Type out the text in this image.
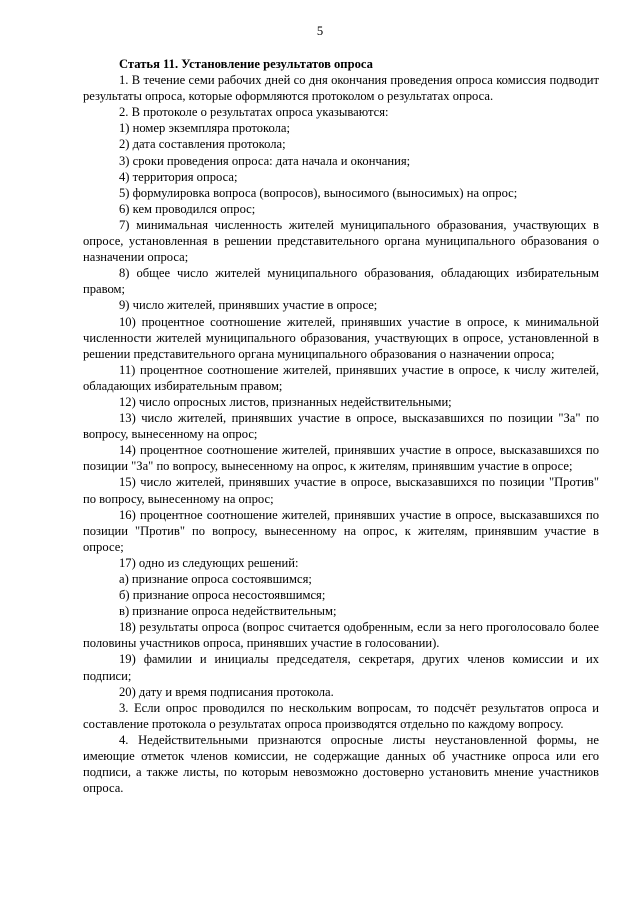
5

Статья 11. Установление результатов опроса

1. В течение семи рабочих дней со дня окончания проведения опроса комиссия подводит результаты опроса, которые оформляются протоколом о результатах опроса.

2. В протоколе о результатах опроса указываются:

1) номер экземпляра протокола;

2) дата составления протокола;

3) сроки проведения опроса: дата начала и окончания;

4) территория опроса;

5) формулировка вопроса (вопросов), выносимого (выносимых) на опрос;

6) кем проводился опрос;

7) минимальная численность жителей муниципального образования, участвующих в опросе, установленная в решении представительного органа муниципального образования о назначении опроса;

8) общее число жителей муниципального образования, обладающих избирательным правом;

9) число жителей, принявших участие в опросе;

10) процентное соотношение жителей, принявших участие в опросе, к минимальной численности жителей муниципального образования, участвующих в опросе, установленной в решении представительного органа муниципального образования о назначении опроса;

11) процентное соотношение жителей, принявших участие в опросе, к числу жителей, обладающих избирательным правом;

12) число опросных листов, признанных недействительными;

13) число жителей, принявших участие в опросе, высказавшихся по позиции "За" по вопросу, вынесенному на опрос;

14) процентное соотношение жителей, принявших участие в опросе, высказавшихся по позиции "За" по вопросу, вынесенному на опрос, к жителям, принявшим участие в опросе;

15) число жителей, принявших участие в опросе, высказавшихся по позиции "Против" по вопросу, вынесенному на опрос;

16) процентное соотношение жителей, принявших участие в опросе, высказавшихся по позиции "Против" по вопросу, вынесенному на опрос, к жителям, принявшим участие в опросе;

17) одно из следующих решений:

а) признание опроса состоявшимся;

б) признание опроса несостоявшимся;

в) признание опроса недействительным;

18) результаты опроса (вопрос считается одобренным, если за него проголосовало более половины участников опроса, принявших участие в голосовании).

19) фамилии и инициалы председателя, секретаря, других членов комиссии и их подписи;

20) дату и время подписания протокола.

3. Если опрос проводился по нескольким вопросам, то подсчёт результатов опроса и составление протокола о результатах опроса производятся отдельно по каждому вопросу.

4. Недействительными признаются опросные листы неустановленной формы, не имеющие отметок членов комиссии, не содержащие данных об участнике опроса или его подписи, а также листы, по которым невозможно достоверно установить мнение участников опроса.
